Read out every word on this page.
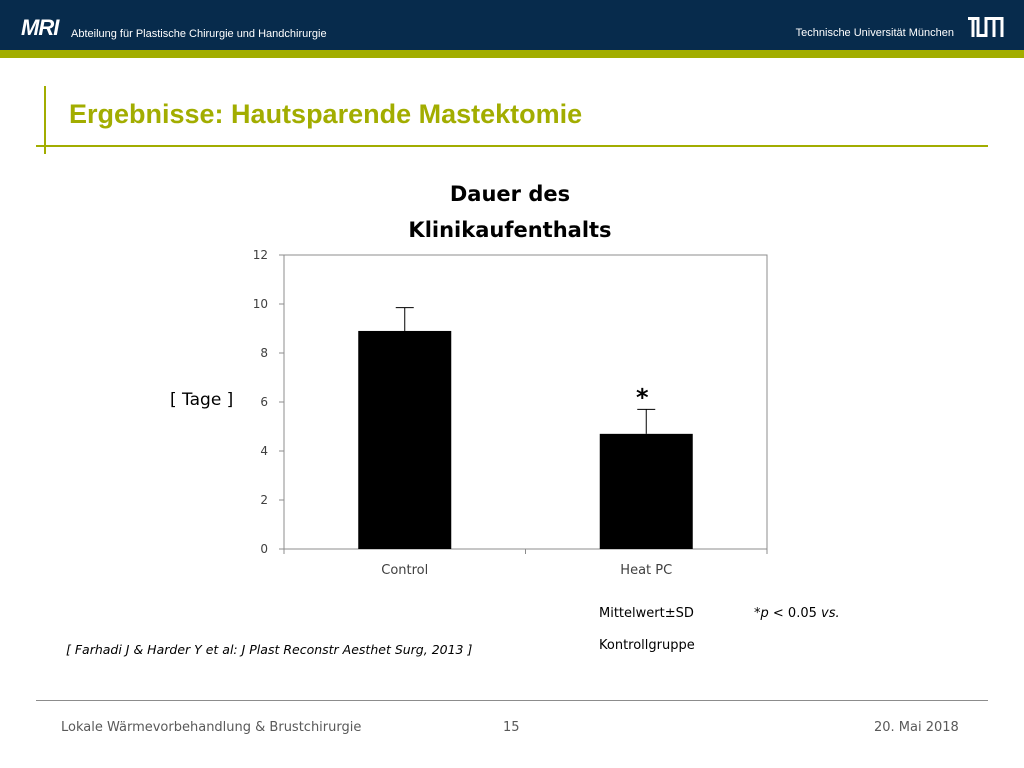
MRI Abteilung für Plastische Chirurgie und Handchirurgie	Technische Universität München
Ergebnisse: Hautsparende Mastektomie
Dauer des
Klinikaufenthalts
[ Tage ]
0
2
4
6
8
10
12
Control
*
Heat PC
Mittelwert±SD	*p < 0.05 vs.
Kontrollgruppe
[ Farhadi J & Harder Y et al: J Plast Reconstr Aesthet Surg, 2013 ]
Lokale Wärmevorbehandlung & Brustchirurgie	15	20. Mai 2018
